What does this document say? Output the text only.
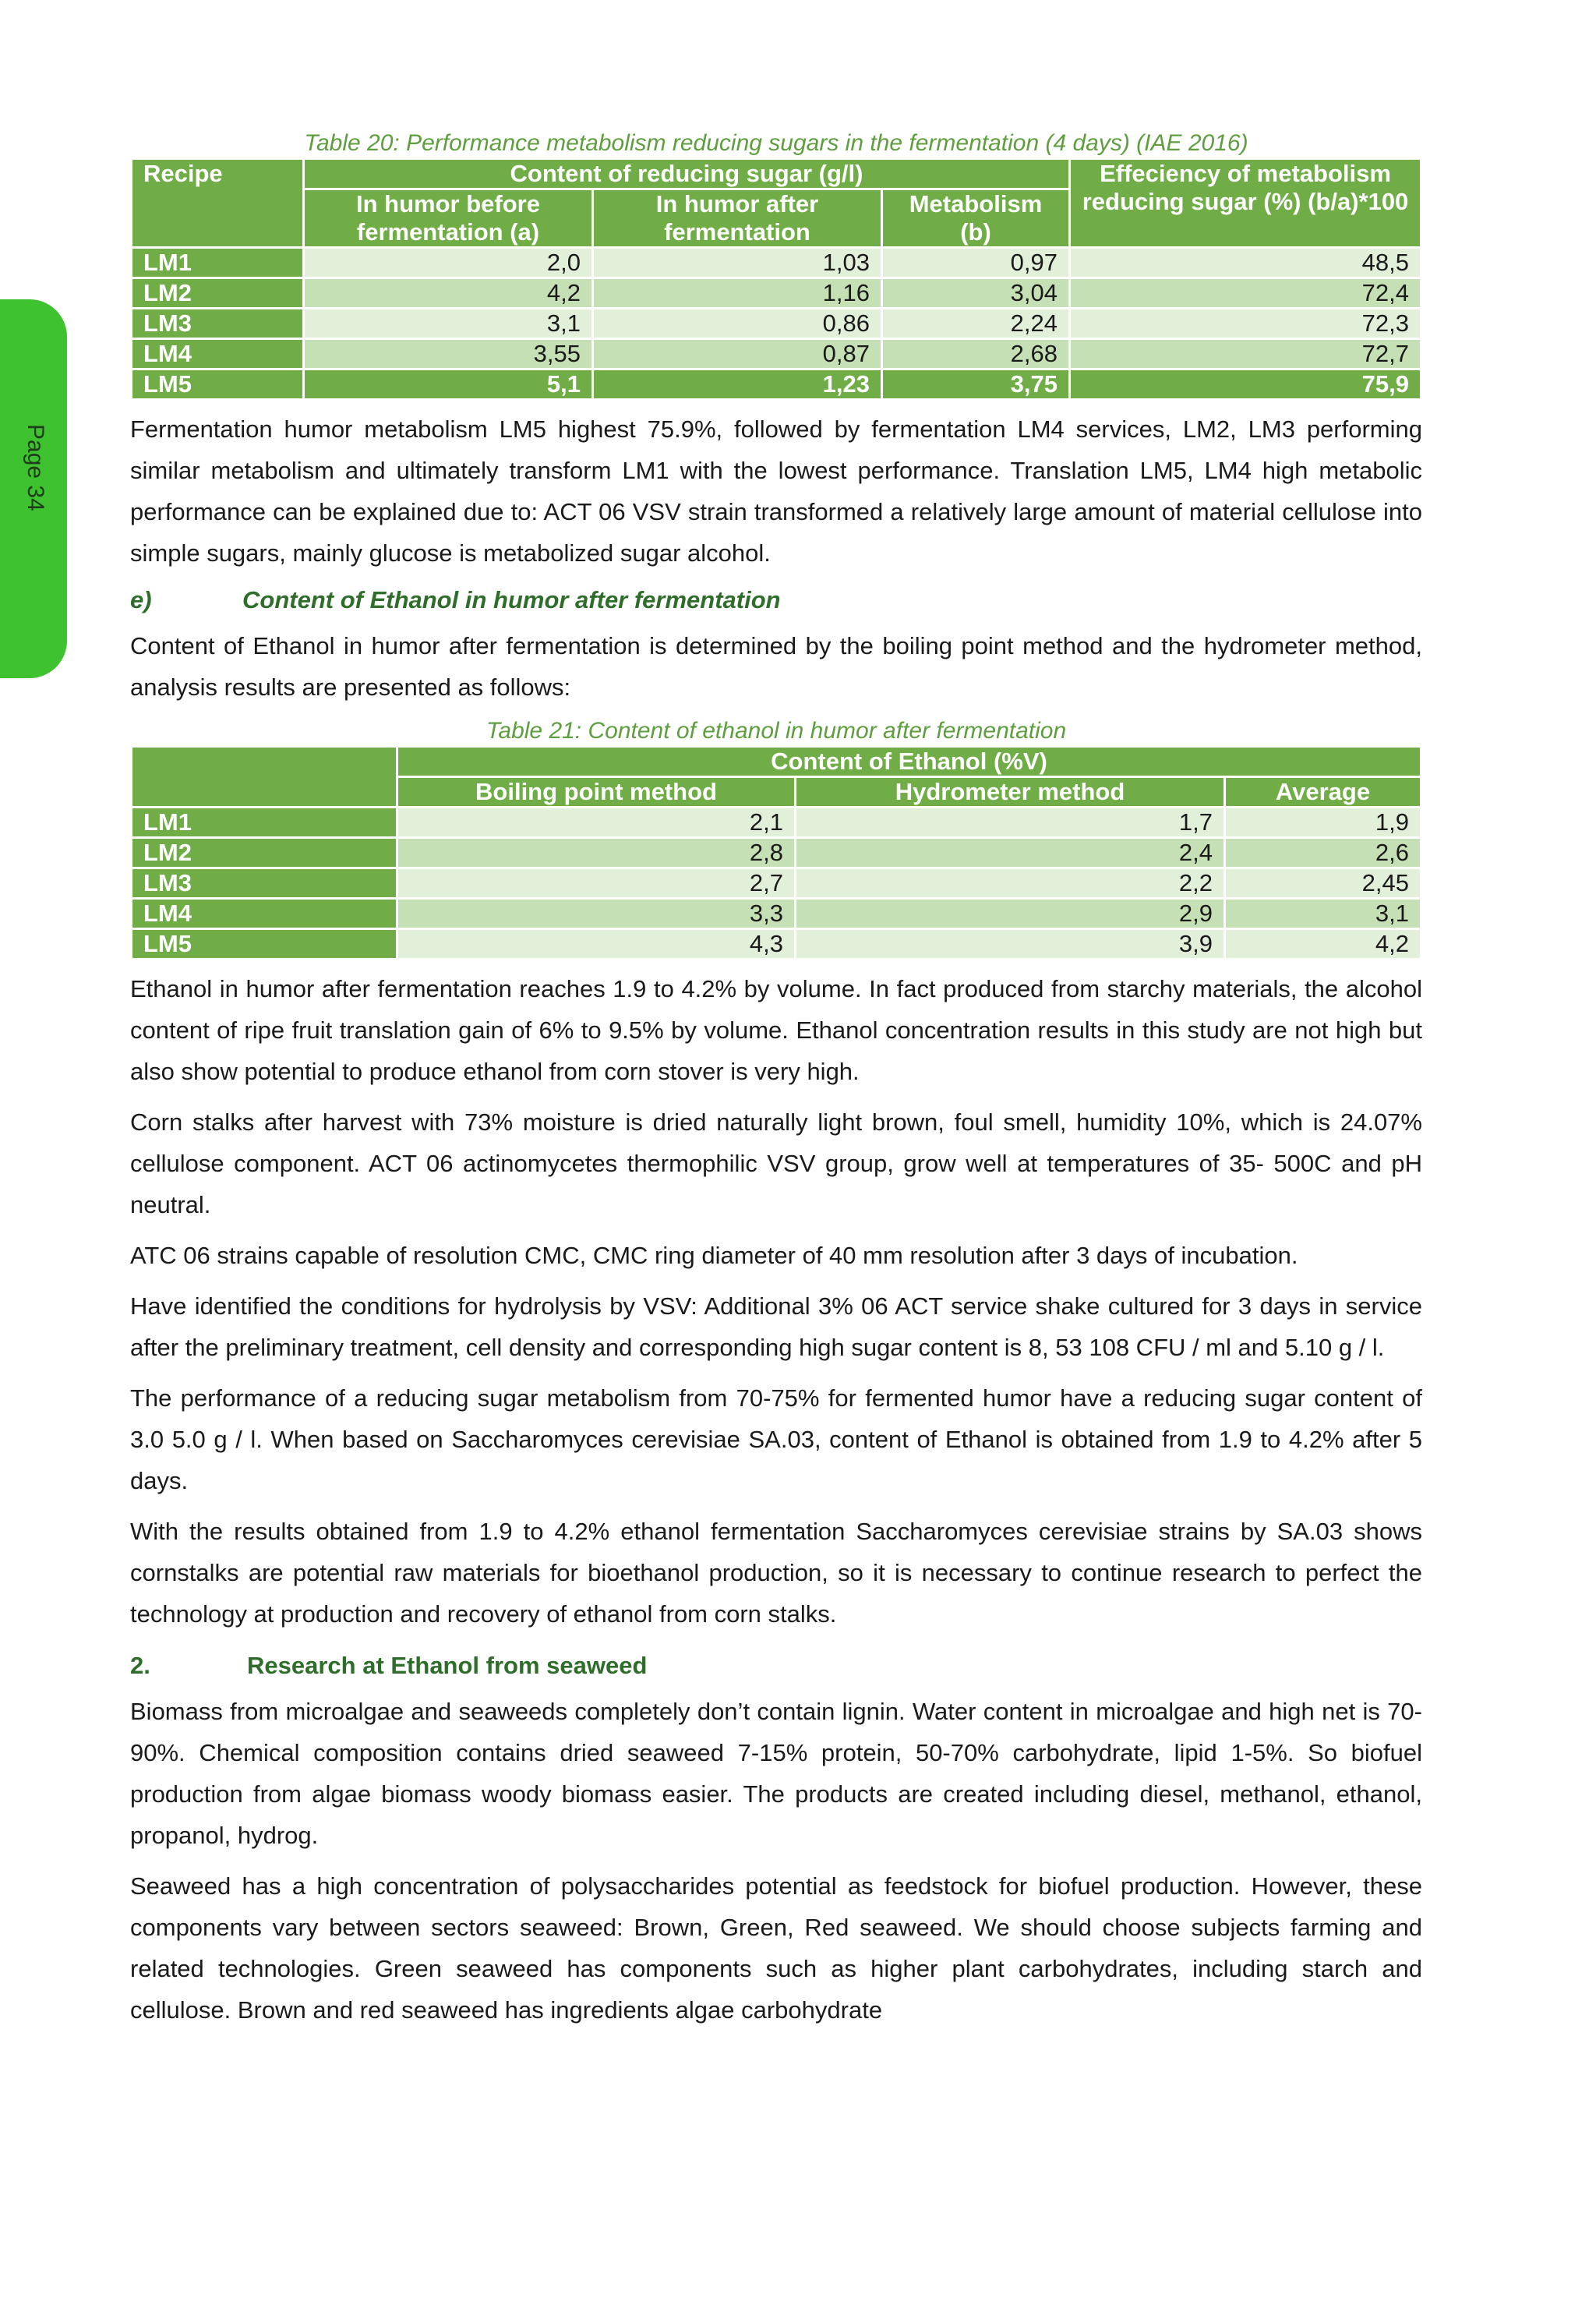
Page 34

Table 20: Performance metabolism reducing sugars in the fermentation (4 days) (IAE 2016)

Recipe	Content of reducing sugar (g/l)			Effeciency of metabolism reducing sugar (%) (b/a)*100
	In humor before fermentation (a)	In humor after fermentation	Metabolism (b)	
LM1	2,0	1,03	0,97	48,5
LM2	4,2	1,16	3,04	72,4
LM3	3,1	0,86	2,24	72,3
LM4	3,55	0,87	2,68	72,7
LM5	5,1	1,23	3,75	75,9

Fermentation humor metabolism LM5 highest 75.9%, followed by fermentation LM4 services, LM2, LM3 performing similar metabolism and ultimately transform LM1 with the lowest performance. Translation LM5, LM4 high metabolic performance can be explained due to: ACT 06 VSV strain transformed a relatively large amount of material cellulose into simple sugars, mainly glucose is metabolized sugar alcohol.

e)	Content of Ethanol in humor after fermentation

Content of Ethanol in humor after fermentation is determined by the boiling point method and the hydrometer method, analysis results are presented as follows:

Table 21: Content of ethanol in humor after fermentation

	Content of Ethanol (%V)		
	Boiling point method	Hydrometer method	Average
LM1	2,1	1,7	1,9
LM2	2,8	2,4	2,6
LM3	2,7	2,2	2,45
LM4	3,3	2,9	3,1
LM5	4,3	3,9	4,2

Ethanol in humor after fermentation reaches 1.9 to 4.2% by volume. In fact produced from starchy materials, the alcohol content of ripe fruit translation gain of 6% to 9.5% by volume. Ethanol concentration results in this study are not high but also show potential to produce ethanol from corn stover is very high.

Corn stalks after harvest with 73% moisture is dried naturally light brown, foul smell, humidity 10%, which is 24.07% cellulose component. ACT 06 actinomycetes thermophilic VSV group, grow well at temperatures of 35- 500C and pH neutral.

ATC 06 strains capable of resolution CMC, CMC ring diameter of 40 mm resolution after 3 days of incubation.

Have identified the conditions for hydrolysis by VSV: Additional 3% 06 ACT service shake cultured for 3 days in service after the preliminary treatment, cell density and corresponding high sugar content is 8, 53 108 CFU / ml and 5.10 g / l.

The performance of a reducing sugar metabolism from 70-75% for fermented humor have a reducing sugar content of 3.0 5.0 g / l. When based on Saccharomyces cerevisiae SA.03, content of Ethanol is obtained from 1.9 to 4.2% after 5 days.

With the results obtained from 1.9 to 4.2% ethanol fermentation Saccharomyces cerevisiae strains by SA.03 shows cornstalks are potential raw materials for bioethanol production, so it is necessary to continue research to perfect the technology at production and recovery of ethanol from corn stalks.

2.	Research at Ethanol from seaweed

Biomass from microalgae and seaweeds completely don’t contain lignin. Water content in microalgae and high net is 70-90%. Chemical composition contains dried seaweed 7-15% protein, 50-70% carbohydrate, lipid 1-5%. So biofuel production from algae biomass woody biomass easier. The products are created including diesel, methanol, ethanol, propanol, hydrog.

Seaweed has a high concentration of polysaccharides potential as feedstock for biofuel production. However, these components vary between sectors seaweed: Brown, Green, Red seaweed. We should choose subjects farming and related technologies. Green seaweed has components such as higher plant carbohydrates, including starch and cellulose. Brown and red seaweed has ingredients algae carbohydrate
